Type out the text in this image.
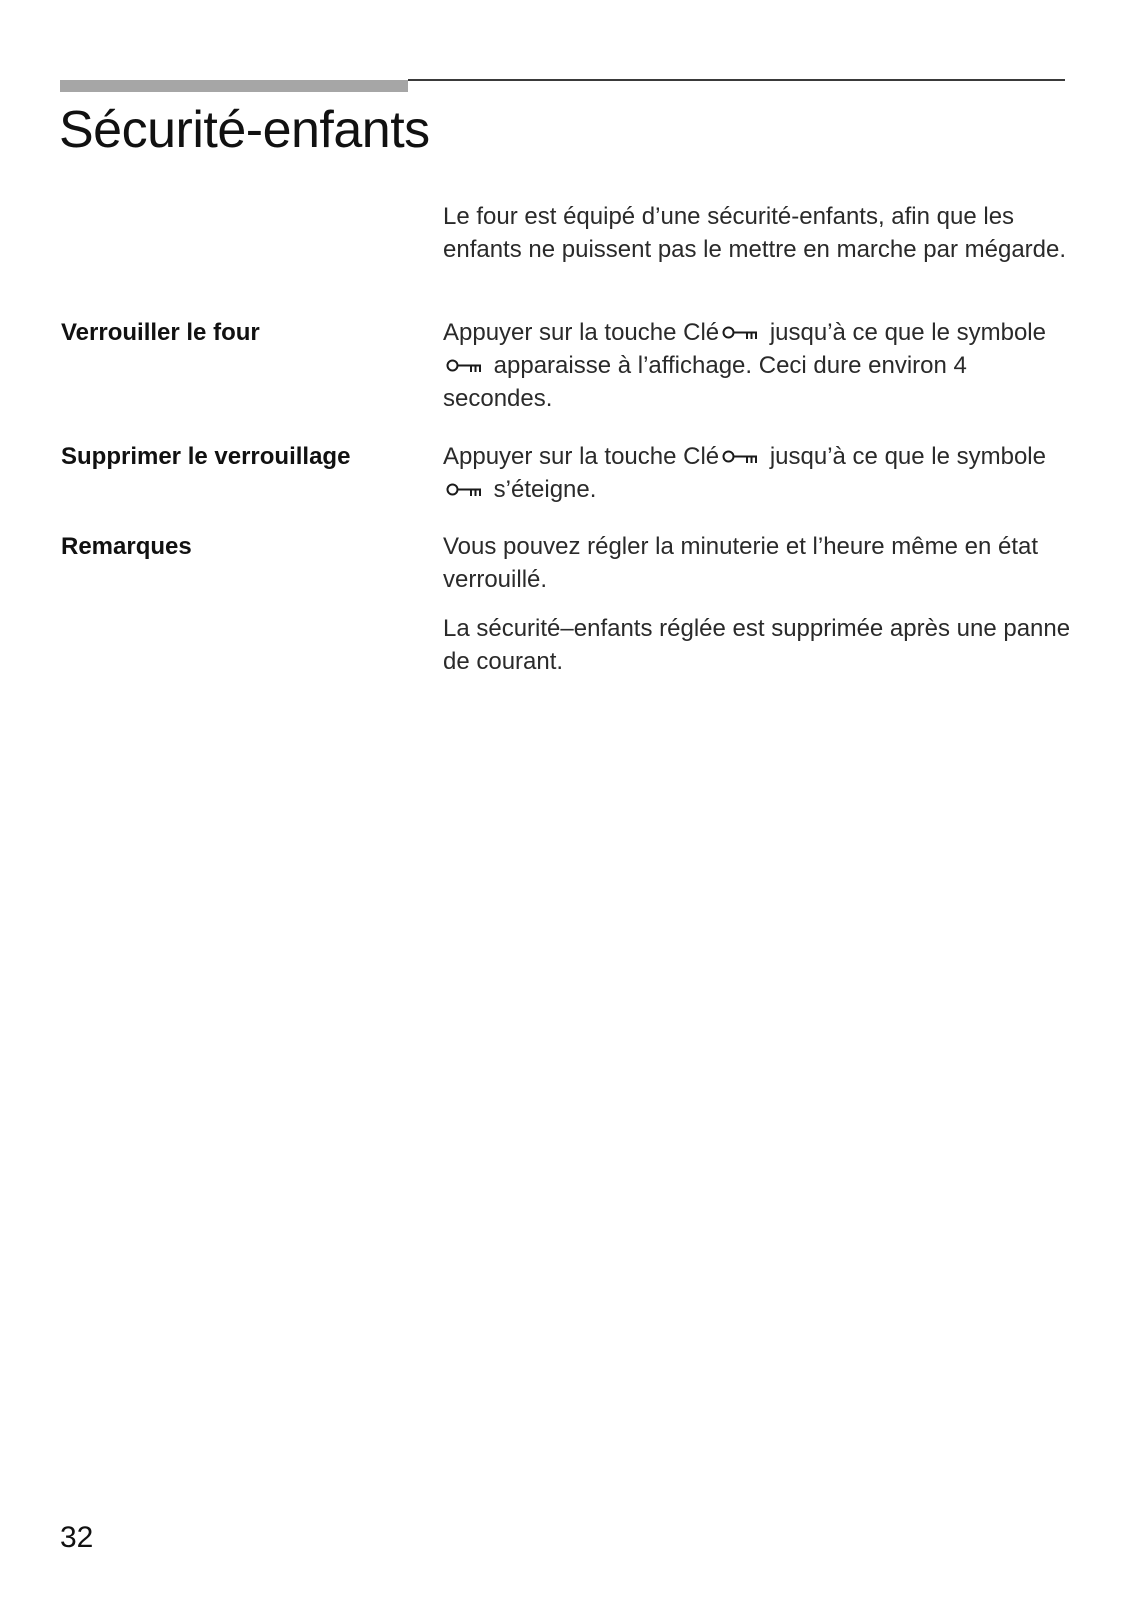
Sécurité-enfants

Le four est équipé d’une sécurité-enfants, afin que les enfants ne puissent pas le mettre en marche par mégarde.

Verrouiller le four	Appuyer sur la touche Clé
jusqu’à ce que le symbole
apparaisse à l’affichage. Ceci dure environ 4 secondes.

Supprimer le verrouillage	Appuyer sur la touche Clé
jusqu’à ce que le symbole
s’éteigne.

Remarques	Vous pouvez régler la minuterie et l’heure même en état verrouillé.

La sécurité–enfants réglée est supprimée après une panne de courant.

32
